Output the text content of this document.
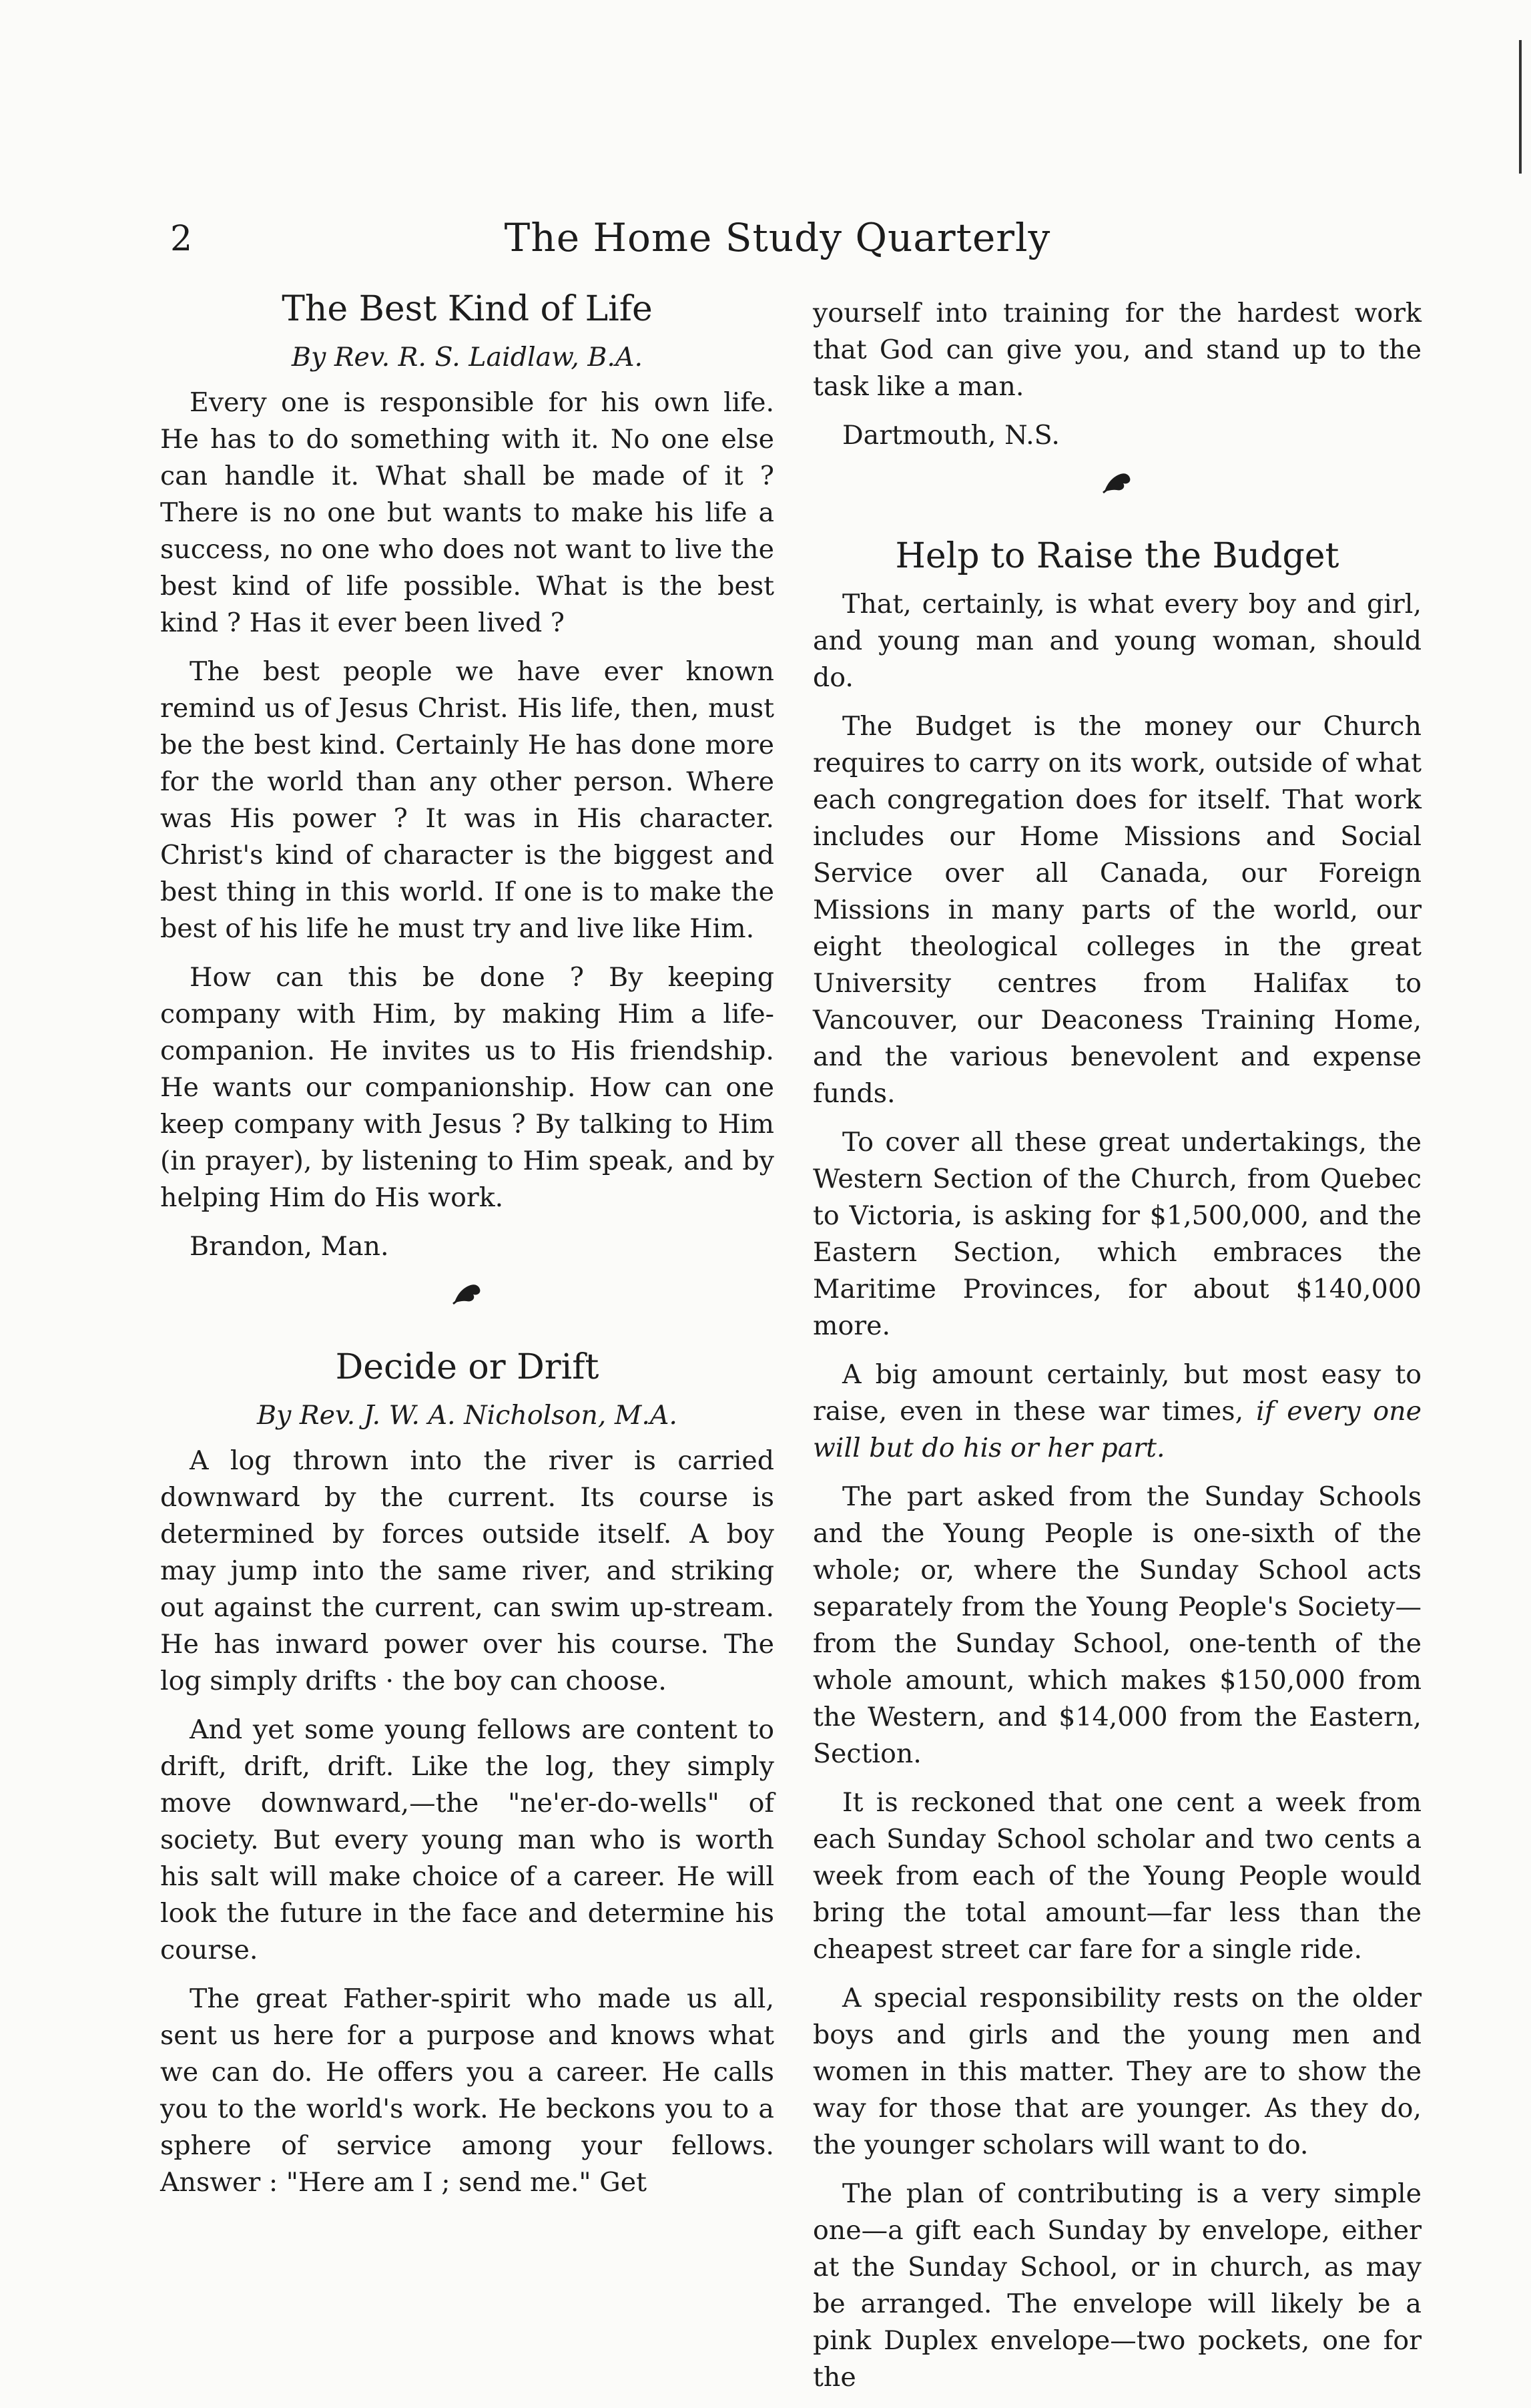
2	The Home Study Quarterly
The Best Kind of Life
By Rev. R. S. Laidlaw, B.A.

Every one is responsible for his own life. He has to do something with it. No one else can handle it. What shall be made of it ? There is no one but wants to make his life a success, no one who does not want to live the best kind of life possible. What is the best kind ? Has it ever been lived ?

The best people we have ever known remind us of Jesus Christ. His life, then, must be the best kind. Certainly He has done more for the world than any other person. Where was His power ? It was in His character. Christ's kind of character is the biggest and best thing in this world. If one is to make the best of his life he must try and live like Him.

How can this be done ? By keeping company with Him, by making Him a life-companion. He invites us to His friendship. He wants our companionship. How can one keep company with Jesus ? By talking to Him (in prayer), by listening to Him speak, and by helping Him do His work.

Brandon, Man.
Decide or Drift
By Rev. J. W. A. Nicholson, M.A.

A log thrown into the river is carried downward by the current. Its course is determined by forces outside itself. A boy may jump into the same river, and striking out against the current, can swim up-stream. He has inward power over his course. The log simply drifts · the boy can choose.

And yet some young fellows are content to drift, drift, drift. Like the log, they simply move downward,—the "ne'er-do-wells" of society. But every young man who is worth his salt will make choice of a career. He will look the future in the face and determine his course.

The great Father-spirit who made us all, sent us here for a purpose and knows what we can do. He offers you a career. He calls you to the world's work. He beckons you to a sphere of service among your fellows. Answer : "Here am I ; send me." Get

yourself into training for the hardest work that God can give you, and stand up to the task like a man.

Dartmouth, N.S.
Help to Raise the Budget

That, certainly, is what every boy and girl, and young man and young woman, should do.

The Budget is the money our Church requires to carry on its work, outside of what each congregation does for itself. That work includes our Home Missions and Social Service over all Canada, our Foreign Missions in many parts of the world, our eight theological colleges in the great University centres from Halifax to Vancouver, our Deaconess Training Home, and the various benevolent and expense funds.

To cover all these great undertakings, the Western Section of the Church, from Quebec to Victoria, is asking for $1,500,000, and the Eastern Section, which embraces the Maritime Provinces, for about $140,000 more.

A big amount certainly, but most easy to raise, even in these war times, if every one will but do his or her part.

The part asked from the Sunday Schools and the Young People is one-sixth of the whole; or, where the Sunday School acts separately from the Young People's Society—from the Sunday School, one-tenth of the whole amount, which makes $150,000 from the Western, and $14,000 from the Eastern, Section.

It is reckoned that one cent a week from each Sunday School scholar and two cents a week from each of the Young People would bring the total amount—far less than the cheapest street car fare for a single ride.

A special responsibility rests on the older boys and girls and the young men and women in this matter. They are to show the way for those that are younger. As they do, the younger scholars will want to do.

The plan of contributing is a very simple one—a gift each Sunday by envelope, either at the Sunday School, or in church, as may be arranged. The envelope will likely be a pink Duplex envelope—two pockets, one for the
